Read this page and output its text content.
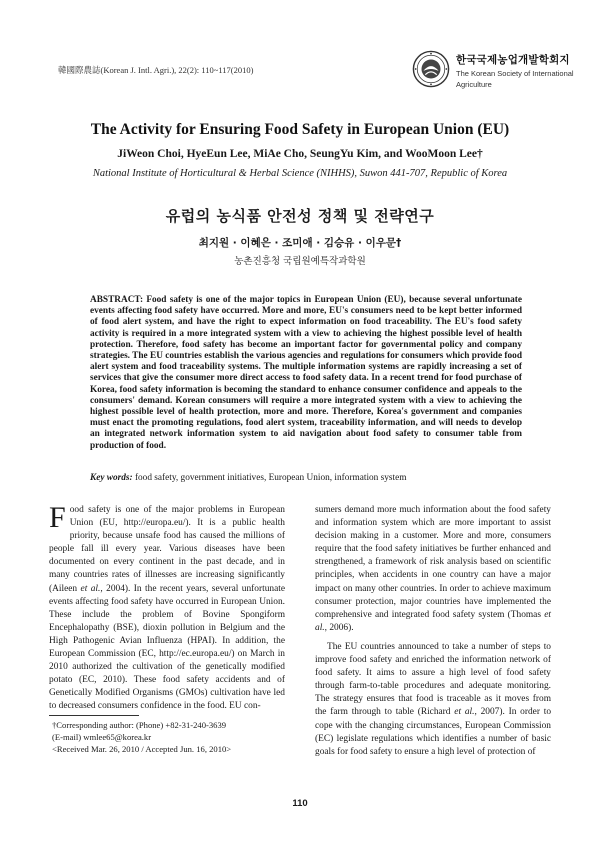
韓國際農誌(Korean J. Intl. Agri.), 22(2): 110~117(2010)
한국국제농업개발학회지
The Korean Society of International
Agriculture
The Activity for Ensuring Food Safety in European Union (EU)
JiWeon Choi, HyeEun Lee, MiAe Cho, SeungYu Kim, and WooMoon Lee†
National Institute of Horticultural & Herbal Science (NIHHS), Suwon 441-707, Republic of Korea
유럽의 농식품 안전성 정책 및 전략연구
최지원 · 이혜은 · 조미애 · 김승유 · 이우문†
농촌진흥청 국립원예특작과학원
ABSTRACT: Food safety is one of the major topics in European Union (EU), because several unfortunate events affecting food safety have occurred. More and more, EU's consumers need to be kept better informed of food alert system, and have the right to expect information on food traceability. The EU's food safety activity is required in a more integrated system with a view to achieving the highest possible level of health protection. Therefore, food safety has become an important factor for governmental policy and company strategies. The EU countries establish the various agencies and regulations for consumers which provide food alert system and food traceability systems. The multiple information systems are rapidly increasing a set of services that give the consumer more direct access to food safety data. In a recent trend for food purchase of Korea, food safety information is becoming the standard to enhance consumer confidence and appeals to the consumers' demand. Korean consumers will require a more integrated system with a view to achieving the highest possible level of health protection, more and more. Therefore, Korea's government and companies must enact the promoting regulations, food alert system, traceability information, and will needs to develop an integrated network information system to aid navigation about food safety to consumer table from production of food.
Key words: food safety, government initiatives, European Union, information system

Food safety is one of the major problems in European Union (EU, http://europa.eu/). It is a public health priority, because unsafe food has caused the millions of people fall ill every year. Various diseases have been documented on every continent in the past decade, and in many countries rates of illnesses are increasing significantly (Aileen et al., 2004). In the recent years, several unfortunate events affecting food safety have occurred in European Union. These include the problem of Bovine Spongiform Encephalopathy (BSE), dioxin pollution in Belgium and the High Pathogenic Avian Influenza (HPAI). In addition, the European Commission (EC, http://ec.europa.eu/) on March in 2010 authorized the cultivation of the genetically modified potato (EC, 2010). These food safety accidents and of Genetically Modified Organisms (GMOs) cultivation have led to decreased consumers confidence in the food. EU con-

sumers demand more much information about the food safety and information system which are more important to assist decision making in a customer. More and more, consumers require that the food safety initiatives be further enhanced and strengthened, a framework of risk analysis based on scientific principles, when accidents in one country can have a major impact on many other countries. In order to achieve maximum consumer protection, major countries have implemented the comprehensive and integrated food safety system (Thomas et al., 2006).

The EU countries announced to take a number of steps to improve food safety and enriched the information network of food safety. It aims to assure a high level of food safety through farm-to-table procedures and adequate monitoring. The strategy ensures that food is traceable as it moves from the farm through to table (Richard et al., 2007). In order to cope with the changing circumstances, European Commission (EC) legislate regulations which identifies a number of basic goals for food safety to ensure a high level of protection of

†Corresponding author: (Phone) +82-31-240-3639
(E-mail) wmlee65@korea.kr
<Received Mar. 26, 2010 / Accepted Jun. 16, 2010>
110
